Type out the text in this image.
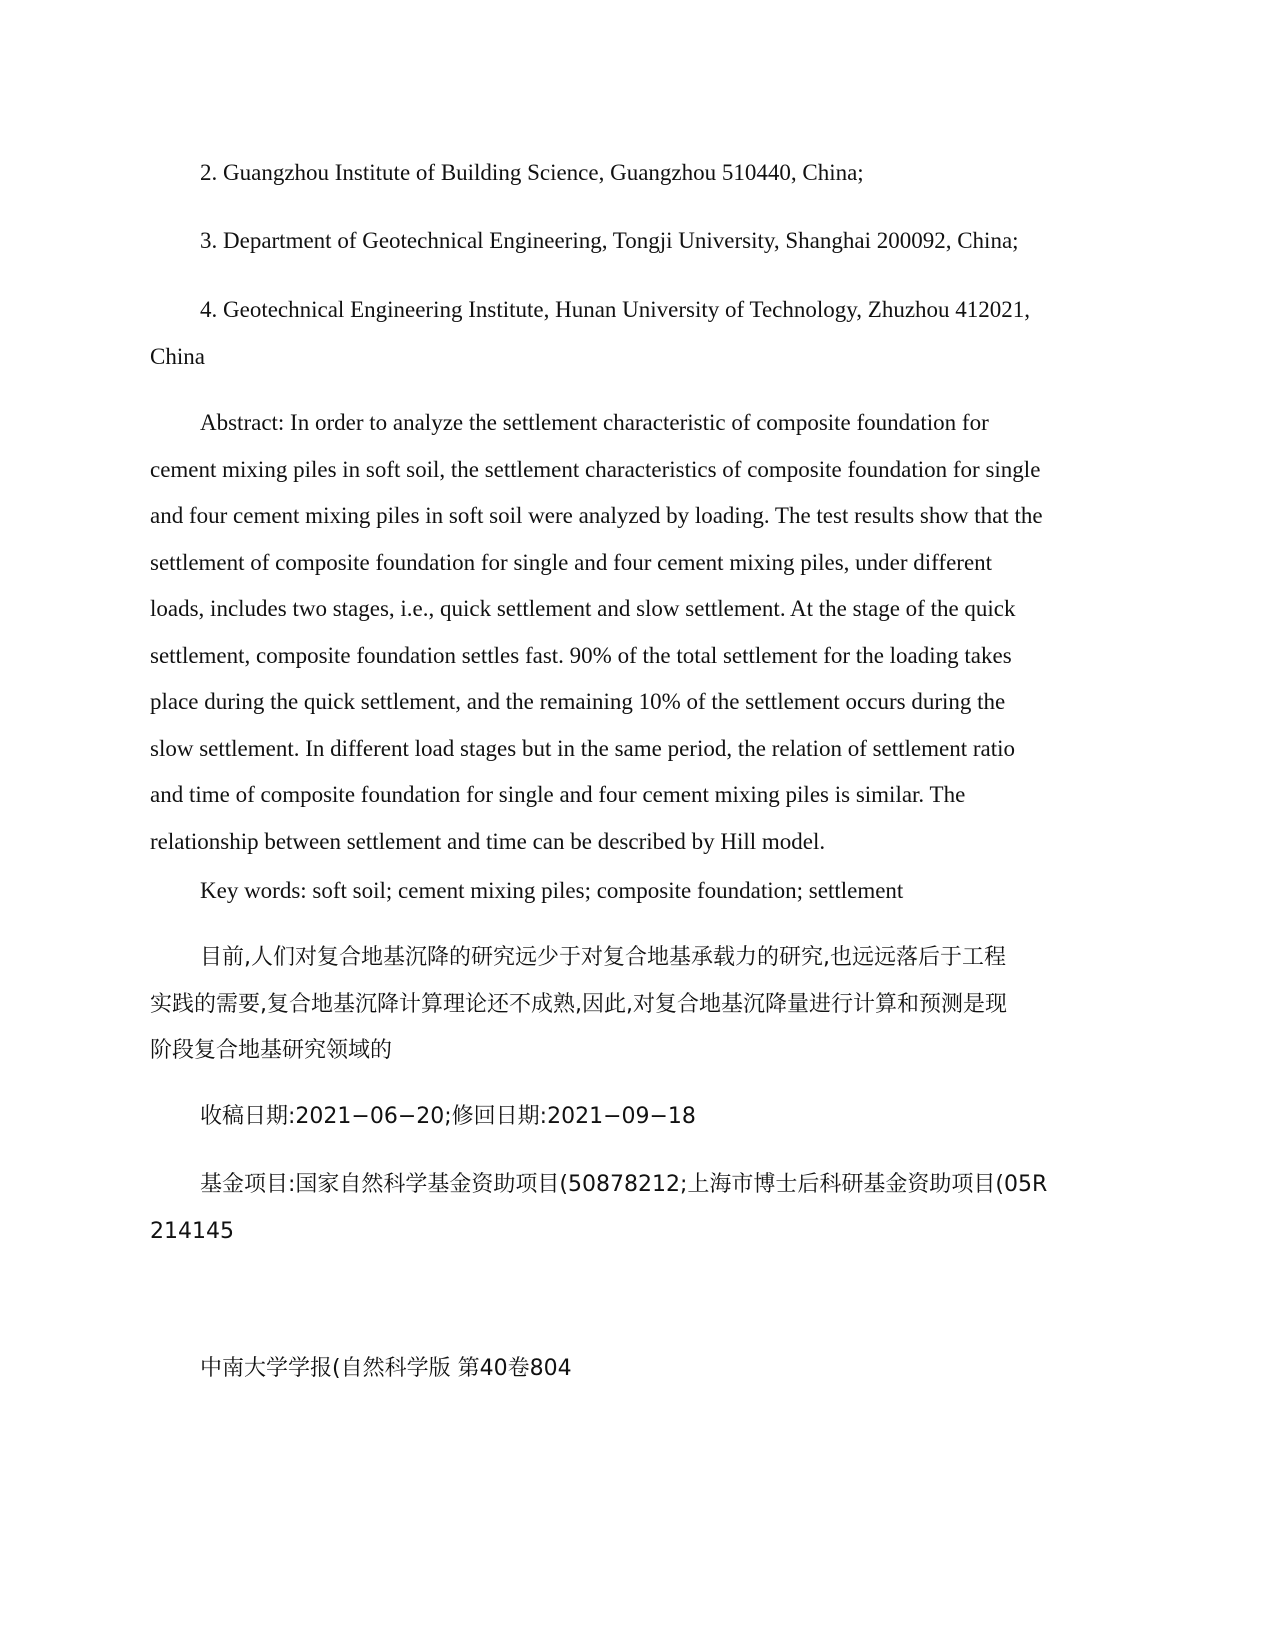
2. Guangzhou Institute of Building Science, Guangzhou 510440, China;

3. Department of Geotechnical Engineering, Tongji University, Shanghai 200092, China;

4. Geotechnical Engineering Institute, Hunan University of Technology, Zhuzhou 412021,
China
Abstract: In order to analyze the settlement characteristic of composite foundation for
cement mixing piles in soft soil, the settlement characteristics of composite foundation for single
and four cement mixing piles in soft soil were analyzed by loading. The test results show that the
settlement of composite foundation for single and four cement mixing piles, under different
loads, includes two stages, i.e., quick settlement and slow settlement. At the stage of the quick
settlement, composite foundation settles fast. 90% of the total settlement for the loading takes
place during the quick settlement, and the remaining 10% of the settlement occurs during the
slow settlement. In different load stages but in the same period, the relation of settlement ratio
and time of composite foundation for single and four cement mixing piles is similar. The
relationship between settlement and time can be described by Hill model.

Key words: soft soil; cement mixing piles; composite foundation; settlement

目前,人们对复合地基沉降的研究远少于对复合地基承载力的研究,也远远落后于工程
实践的需要,复合地基沉降计算理论还不成熟,因此,对复合地基沉降量进行计算和预测是现
阶段复合地基研究领域的

收稿日期:2021−06−20;修回日期:2021−09−18

基金项目:国家自然科学基金资助项目(50878212;上海市博士后科研基金资助项目(05R
214145

中南大学学报(自然科学版 第40卷804
